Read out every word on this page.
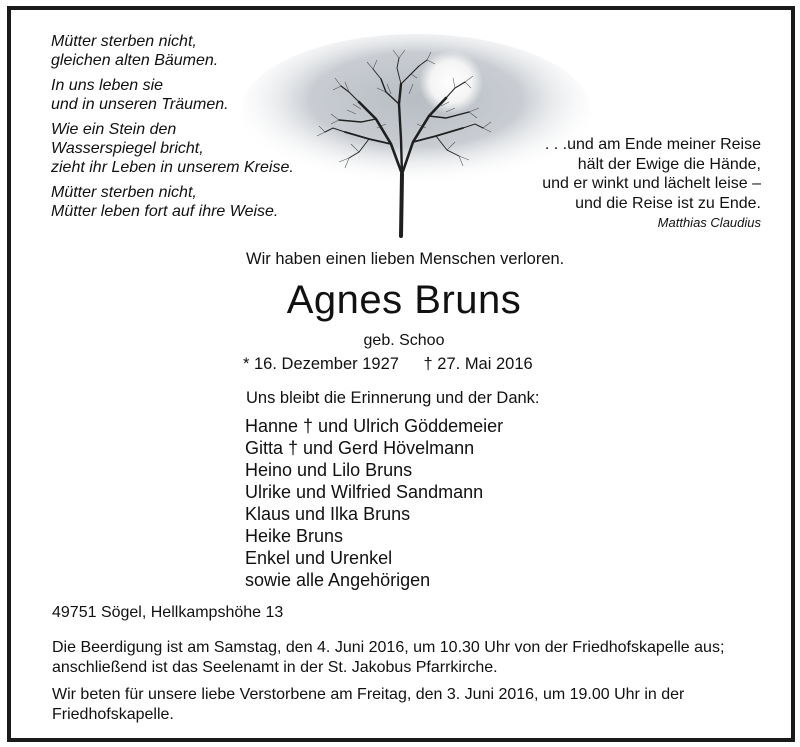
Mütter sterben nicht,
gleichen alten Bäumen.
In uns leben sie
und in unseren Träumen.
Wie ein Stein den
Wasserspiegel bricht,
zieht ihr Leben in unserem Kreise.
Mütter sterben nicht,
Mütter leben fort auf ihre Weise.
. . .und am Ende meiner Reise
hält der Ewige die Hände,
und er winkt und lächelt leise –
und die Reise ist zu Ende.
Matthias Claudius
Wir haben einen lieben Menschen verloren.
Agnes Bruns
geb. Schoo
* 16. Dezember 1927 † 27. Mai 2016
Uns bleibt die Erinnerung und der Dank:
Hanne † und Ulrich Göddemeier
Gitta † und Gerd Hövelmann
Heino und Lilo Bruns
Ulrike und Wilfried Sandmann
Klaus und Ilka Bruns
Heike Bruns
Enkel und Urenkel
sowie alle Angehörigen
49751 Sögel, Hellkampshöhe 13
Die Beerdigung ist am Samstag, den 4. Juni 2016, um 10.30 Uhr von der Friedhofskapelle aus; anschließend ist das Seelenamt in der St. Jakobus Pfarrkirche.
Wir beten für unsere liebe Verstorbene am Freitag, den 3. Juni 2016, um 19.00 Uhr in der Friedhofskapelle.
